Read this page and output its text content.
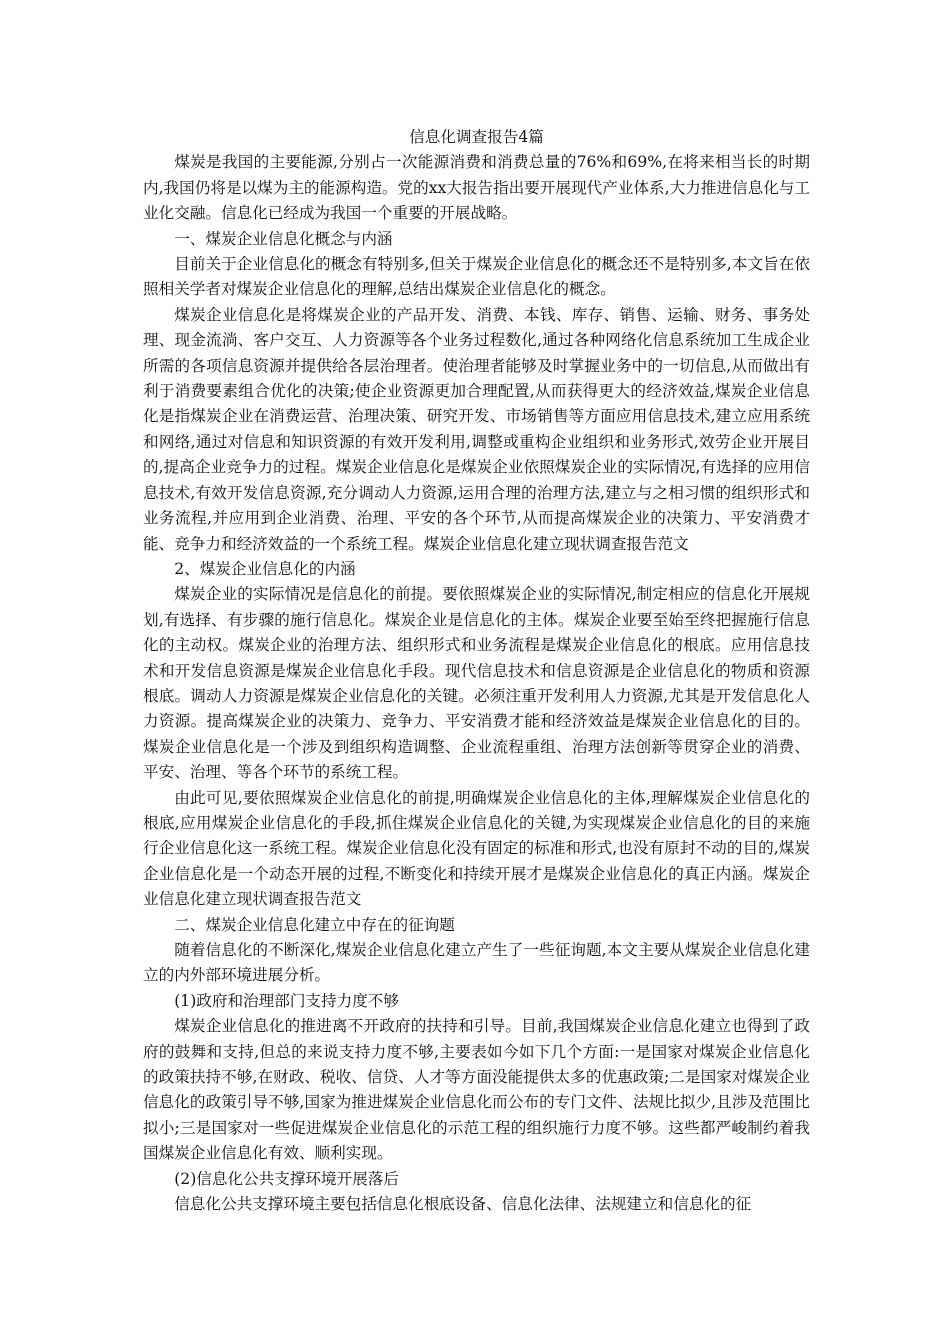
信息化调查报告4篇

煤炭是我国的主要能源,分别占一次能源消费和消费总量的76%和69%,在将来相当长的时期内,我国仍将是以煤为主的能源构造。党的xx大报告指出要开展现代产业体系,大力推进信息化与工业化交融。信息化已经成为我国一个重要的开展战略。

一、煤炭企业信息化概念与内涵

目前关于企业信息化的概念有特别多,但关于煤炭企业信息化的概念还不是特别多,本文旨在依照相关学者对煤炭企业信息化的理解,总结出煤炭企业信息化的概念。

煤炭企业信息化是将煤炭企业的产品开发、消费、本钱、库存、销售、运输、财务、事务处理、现金流淌、客户交互、人力资源等各个业务过程数化,通过各种网络化信息系统加工生成企业所需的各项信息资源并提供给各层治理者。使治理者能够及时掌握业务中的一切信息,从而做出有利于消费要素组合优化的决策;使企业资源更加合理配置,从而获得更大的经济效益,煤炭企业信息化是指煤炭企业在消费运营、治理决策、研究开发、市场销售等方面应用信息技术,建立应用系统和网络,通过对信息和知识资源的有效开发利用,调整或重构企业组织和业务形式,效劳企业开展目的,提高企业竞争力的过程。煤炭企业信息化是煤炭企业依照煤炭企业的实际情况,有选择的应用信息技术,有效开发信息资源,充分调动人力资源,运用合理的治理方法,建立与之相习惯的组织形式和业务流程,并应用到企业消费、治理、平安的各个环节,从而提高煤炭企业的决策力、平安消费才能、竞争力和经济效益的一个系统工程。煤炭企业信息化建立现状调查报告范文

2、煤炭企业信息化的内涵

煤炭企业的实际情况是信息化的前提。要依照煤炭企业的实际情况,制定相应的信息化开展规划,有选择、有步骤的施行信息化。煤炭企业是信息化的主体。煤炭企业要至始至终把握施行信息化的主动权。煤炭企业的治理方法、组织形式和业务流程是煤炭企业信息化的根底。应用信息技术和开发信息资源是煤炭企业信息化手段。现代信息技术和信息资源是企业信息化的物质和资源根底。调动人力资源是煤炭企业信息化的关键。必须注重开发利用人力资源,尤其是开发信息化人力资源。提高煤炭企业的决策力、竞争力、平安消费才能和经济效益是煤炭企业信息化的目的。煤炭企业信息化是一个涉及到组织构造调整、企业流程重组、治理方法创新等贯穿企业的消费、平安、治理、等各个环节的系统工程。

由此可见,要依照煤炭企业信息化的前提,明确煤炭企业信息化的主体,理解煤炭企业信息化的根底,应用煤炭企业信息化的手段,抓住煤炭企业信息化的关键,为实现煤炭企业信息化的目的来施行企业信息化这一系统工程。煤炭企业信息化没有固定的标准和形式,也没有原封不动的目的,煤炭企业信息化是一个动态开展的过程,不断变化和持续开展才是煤炭企业信息化的真正内涵。煤炭企业信息化建立现状调查报告范文

二、煤炭企业信息化建立中存在的征询题

随着信息化的不断深化,煤炭企业信息化建立产生了一些征询题,本文主要从煤炭企业信息化建立的内外部环境进展分析。

(1)政府和治理部门支持力度不够

煤炭企业信息化的推进离不开政府的扶持和引导。目前,我国煤炭企业信息化建立也得到了政府的鼓舞和支持,但总的来说支持力度不够,主要表如今如下几个方面:一是国家对煤炭企业信息化的政策扶持不够,在财政、税收、信贷、人才等方面没能提供太多的优惠政策;二是国家对煤炭企业信息化的政策引导不够,国家为推进煤炭企业信息化而公布的专门文件、法规比拟少,且涉及范围比拟小;三是国家对一些促进煤炭企业信息化的示范工程的组织施行力度不够。这些都严峻制约着我国煤炭企业信息化有效、顺利实现。

(2)信息化公共支撑环境开展落后

信息化公共支撑环境主要包括信息化根底设备、信息化法律、法规建立和信息化的征
